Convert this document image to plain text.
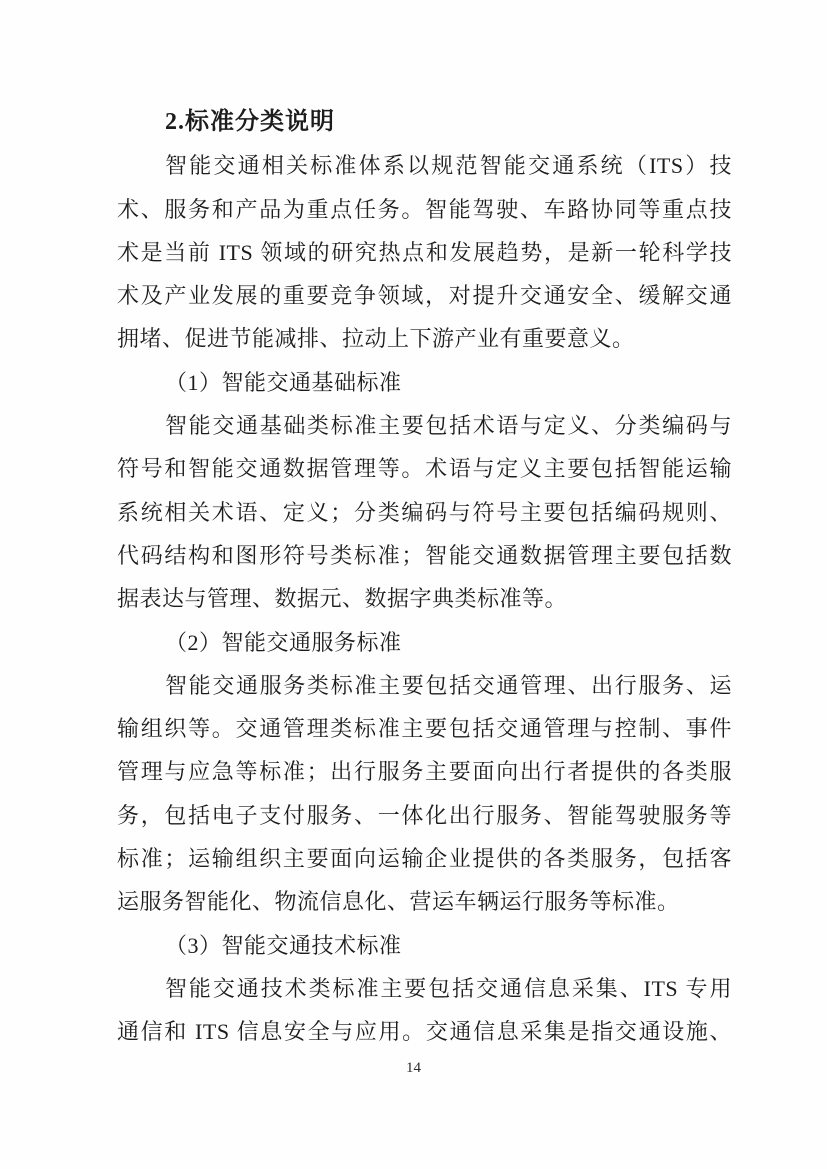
2.标准分类说明
智能交通相关标准体系以规范智能交通系统（ITS）技
术、服务和产品为重点任务。智能驾驶、车路协同等重点技
术是当前 ITS 领域的研究热点和发展趋势，是新一轮科学技
术及产业发展的重要竞争领域，对提升交通安全、缓解交通
拥堵、促进节能减排、拉动上下游产业有重要意义。
（1）智能交通基础标准
智能交通基础类标准主要包括术语与定义、分类编码与
符号和智能交通数据管理等。术语与定义主要包括智能运输
系统相关术语、定义；分类编码与符号主要包括编码规则、
代码结构和图形符号类标准；智能交通数据管理主要包括数
据表达与管理、数据元、数据字典类标准等。
（2）智能交通服务标准
智能交通服务类标准主要包括交通管理、出行服务、运
输组织等。交通管理类标准主要包括交通管理与控制、事件
管理与应急等标准；出行服务主要面向出行者提供的各类服
务，包括电子支付服务、一体化出行服务、智能驾驶服务等
标准；运输组织主要面向运输企业提供的各类服务，包括客
运服务智能化、物流信息化、营运车辆运行服务等标准。
（3）智能交通技术标准
智能交通技术类标准主要包括交通信息采集、ITS 专用
通信和 ITS 信息安全与应用。交通信息采集是指交通设施、
14
